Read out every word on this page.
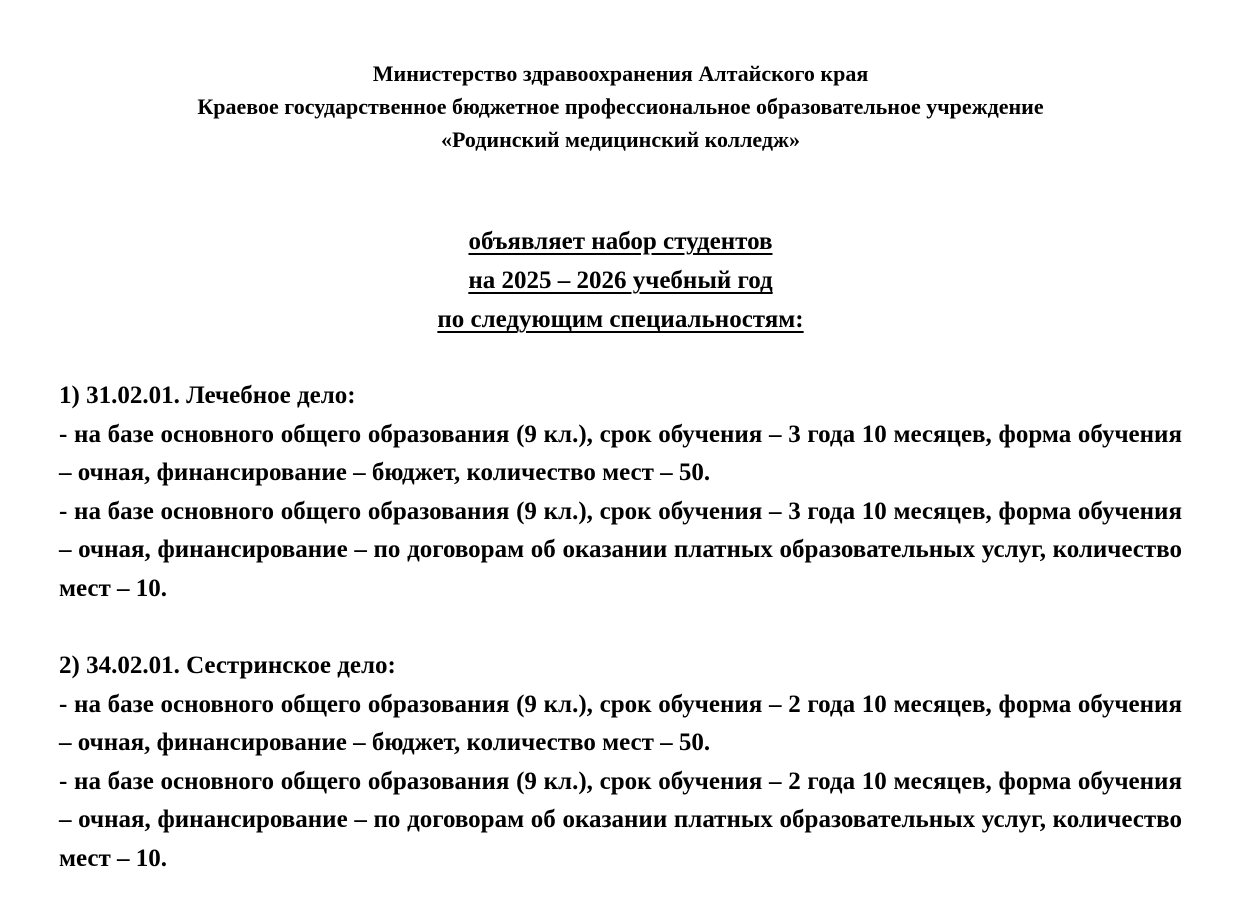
Министерство здравоохранения Алтайского края
Краевое государственное бюджетное профессиональное образовательное учреждение
«Родинский медицинский колледж»
объявляет набор студентов
на 2025 – 2026 учебный год
по следующим специальностям:
1) 31.02.01. Лечебное дело:

- на базе основного общего образования (9 кл.), срок обучения – 3 года 10 месяцев, форма обучения – очная, финансирование – бюджет, количество мест – 50.

- на базе основного общего образования (9 кл.), срок обучения – 3 года 10 месяцев, форма обучения – очная, финансирование – по договорам об оказании платных образовательных услуг, количество мест – 10.

2) 34.02.01. Сестринское дело:

- на базе основного общего образования (9 кл.), срок обучения – 2 года 10 месяцев, форма обучения – очная, финансирование – бюджет, количество мест – 50.

- на базе основного общего образования (9 кл.), срок обучения – 2 года 10 месяцев, форма обучения – очная, финансирование – по договорам об оказании платных образовательных услуг, количество мест – 10.
